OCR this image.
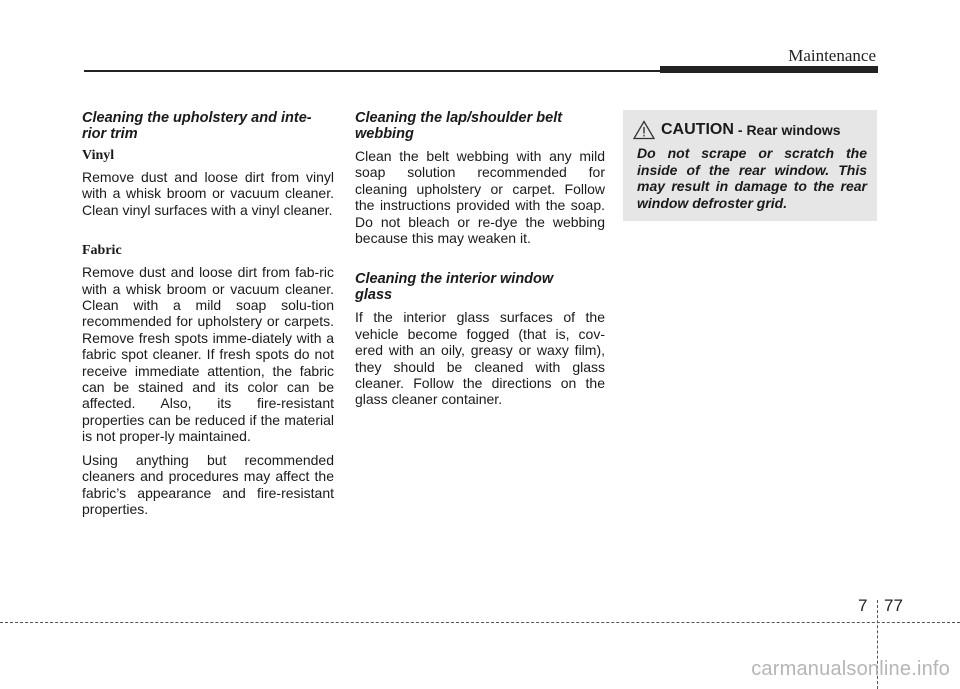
Maintenance
Cleaning the upholstery and inte-
rior trim
Vinyl

Remove dust and loose dirt from vinyl with a whisk broom or vacuum cleaner. Clean vinyl surfaces with a vinyl cleaner.

Fabric

Remove dust and loose dirt from fab-ric with a whisk broom or vacuum cleaner. Clean with a mild soap solu-tion recommended for upholstery or carpets. Remove fresh spots imme-diately with a fabric spot cleaner. If fresh spots do not receive immediate attention, the fabric can be stained and its color can be affected. Also, its fire-resistant properties can be reduced if the material is not proper-ly maintained.

Using anything but recommended cleaners and procedures may affect the fabric’s appearance and fire-resistant properties.

Cleaning the lap/shoulder belt
webbing

Clean the belt webbing with any mild soap solution recommended for cleaning upholstery or carpet. Follow the instructions provided with the soap. Do not bleach or re-dye the webbing because this may weaken it.

Cleaning the interior window
glass

If the interior glass surfaces of the vehicle become fogged (that is, cov-ered with an oily, greasy or waxy film), they should be cleaned with glass cleaner. Follow the directions on the glass cleaner container.

CAUTION - Rear windows
Do not scrape or scratch the inside of the rear window. This may result in damage to the rear window defroster grid.
7 77
carmanualsonline.info
